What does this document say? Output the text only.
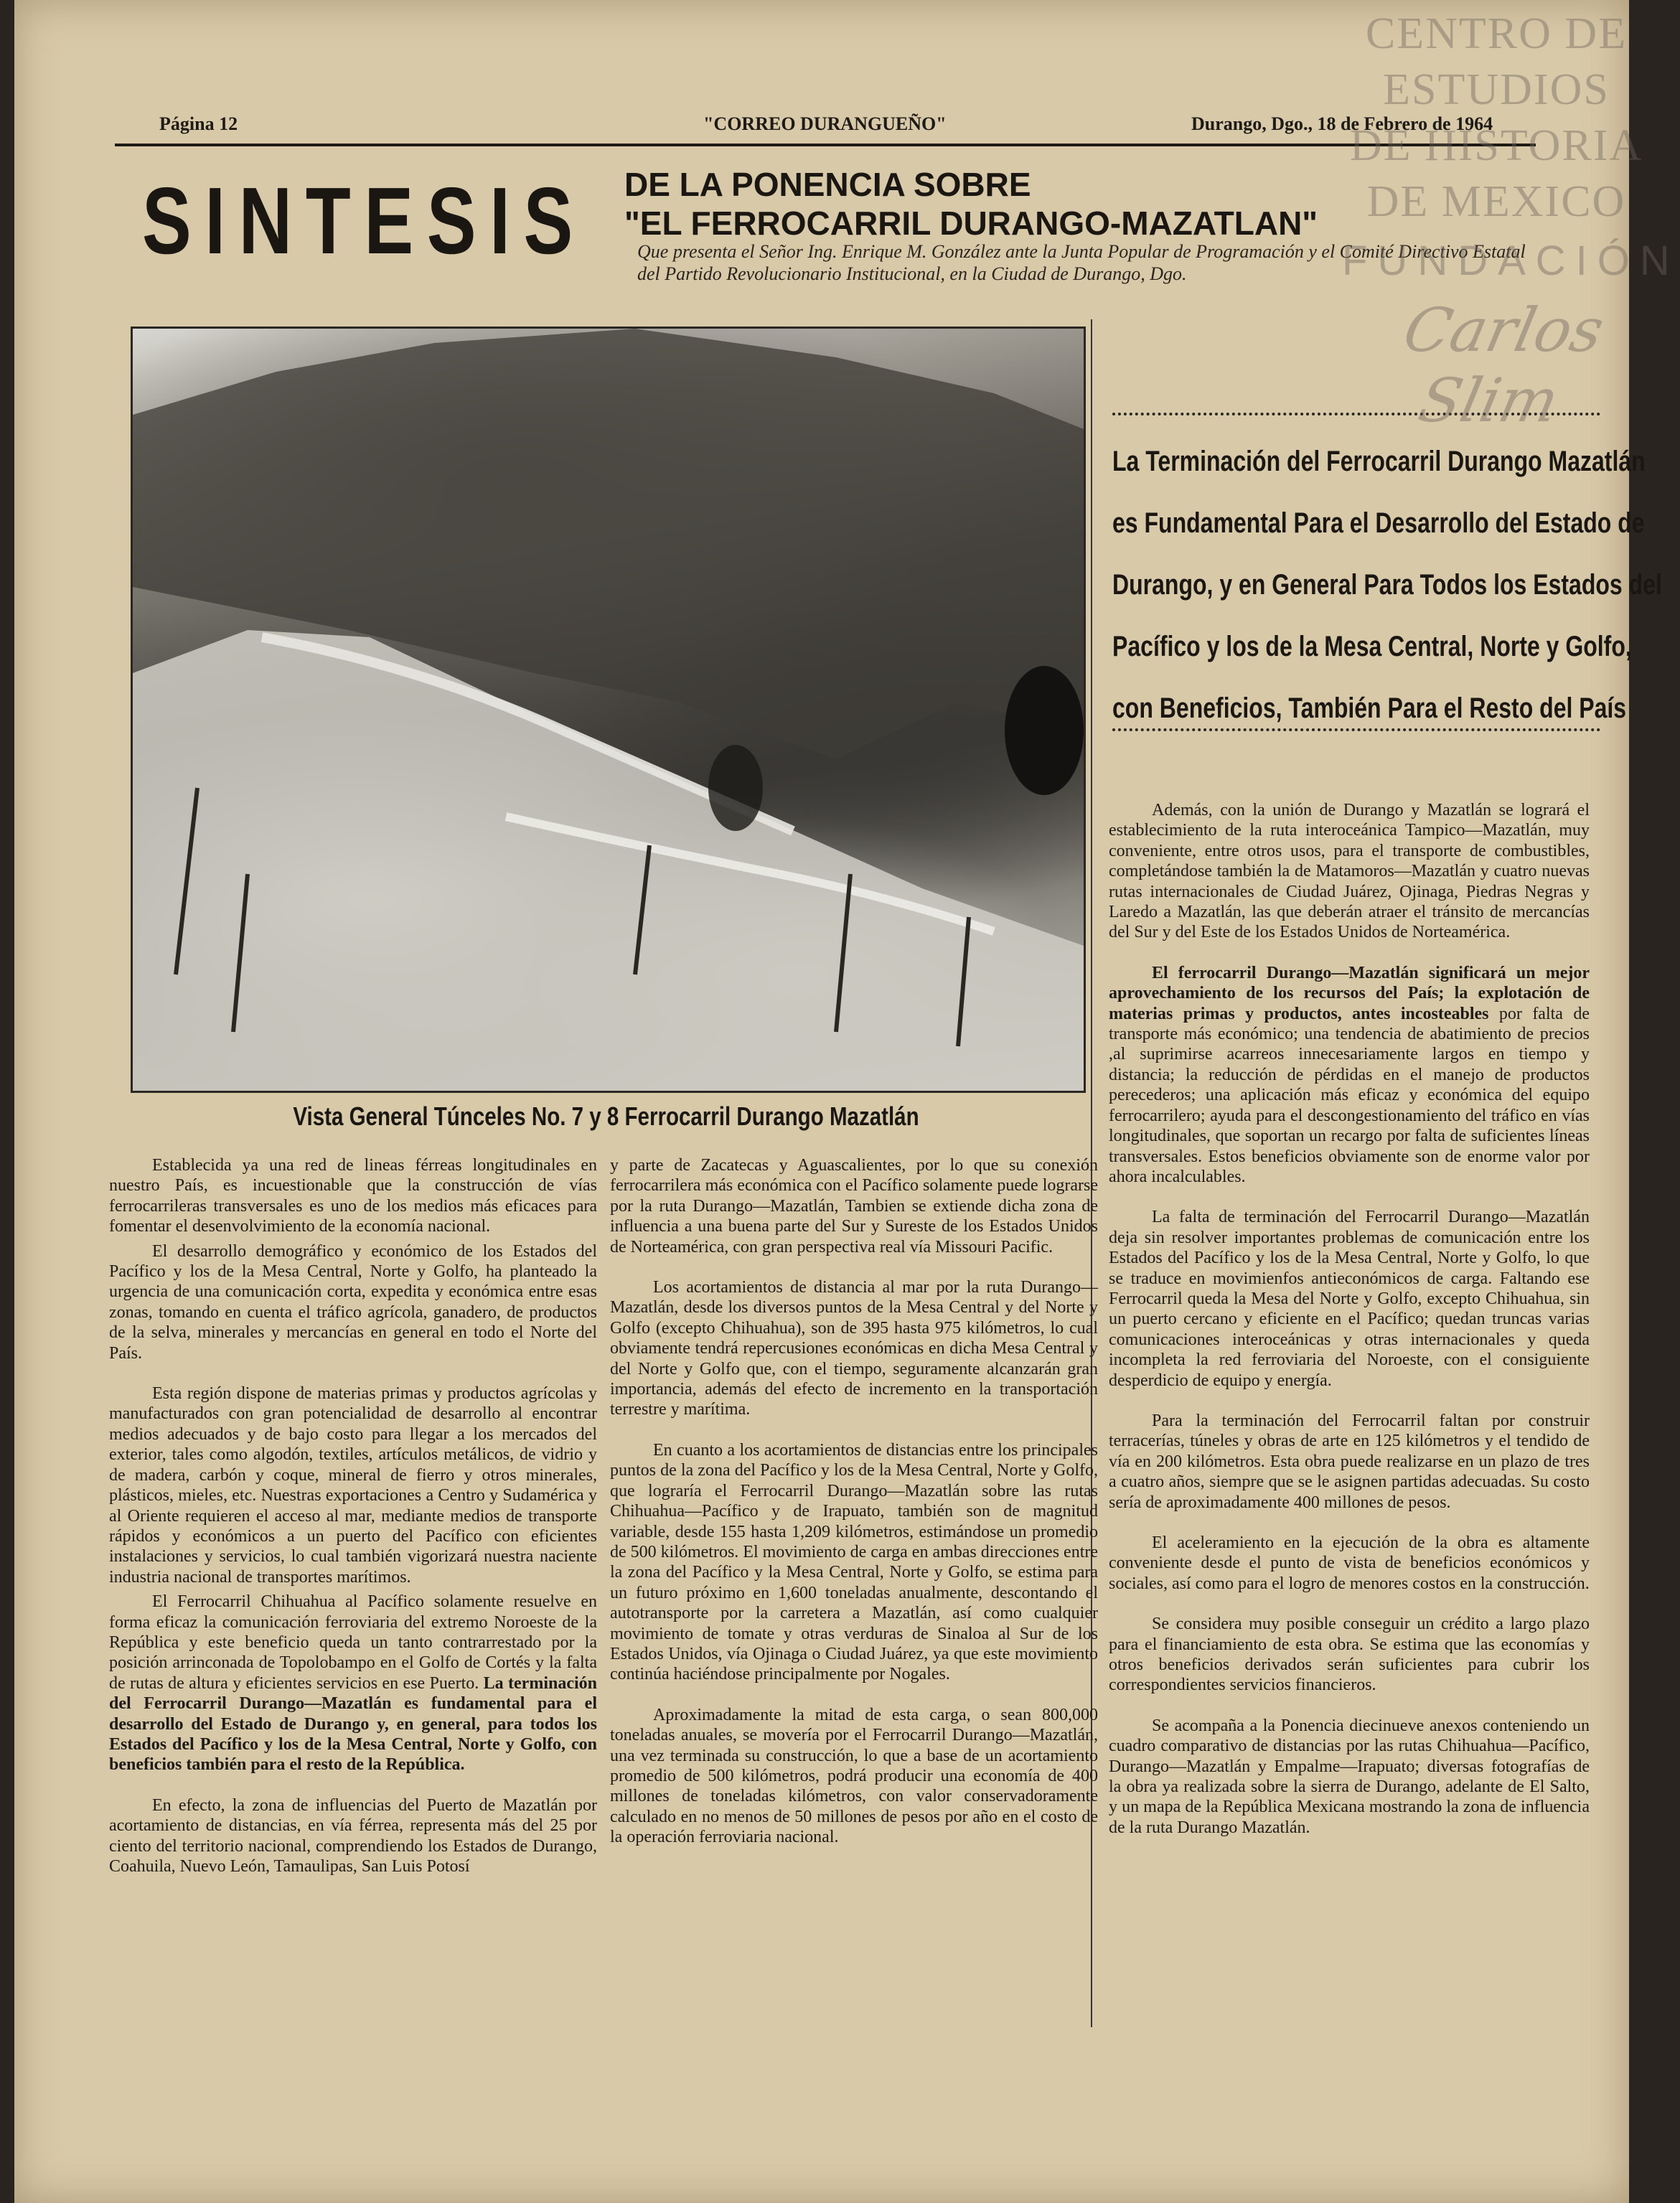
CENTRO DE
ESTUDIOS
DE HISTORIA
DE MEXICO
FUNDACIÓN
Carlos Slim
Página 12	"CORREO DURANGUEÑO"	Durango, Dgo., 18 de Febrero de 1964
SINTESIS DE LA PONENCIA SOBRE
"EL FERROCARRIL DURANGO-MAZATLAN"
Que presenta el Señor Ing. Enrique M. González ante la Junta Popular de Programación y el Comité Directivo Estatal del Partido Revolucionario Institucional, en la Ciudad de Durango, Dgo.
Vista General Túnceles No. 7 y 8 Ferrocarril Durango Mazatlán
La Terminación del Ferrocarril Durango Mazatlán
es Fundamental Para el Desarrollo del Estado de
Durango, y en General Para Todos los Estados del
Pacífico y los de la Mesa Central, Norte y Golfo,
con Beneficios, También Para el Resto del País

Establecida ya una red de lineas férreas longitudinales en nuestro País, es incuestionable que la construcción de vías ferrocarrileras transversales es uno de los medios más eficaces para fomentar el desenvolvimiento de la economía nacional.

El desarrollo demográfico y económico de los Estados del Pacífico y los de la Mesa Central, Norte y Golfo, ha planteado la urgencia de una comunicación corta, expedita y económica entre esas zonas, tomando en cuenta el tráfico agrícola, ganadero, de productos de la selva, minerales y mercancías en general en todo el Norte del País.

Esta región dispone de materias primas y productos agrícolas y manufacturados con gran potencialidad de desarrollo al encontrar medios adecuados y de bajo costo para llegar a los mercados del exterior, tales como algodón, textiles, artículos metálicos, de vidrio y de madera, carbón y coque, mineral de fierro y otros minerales, plásticos, mieles, etc. Nuestras exportaciones a Centro y Sudamérica y al Oriente requieren el acceso al mar, mediante medios de transporte rápidos y económicos a un puerto del Pacífico con eficientes instalaciones y servicios, lo cual también vigorizará nuestra naciente industria nacional de transportes marítimos.

El Ferrocarril Chihuahua al Pacífico solamente resuelve en forma eficaz la comunicación ferroviaria del extremo Noroeste de la República y este beneficio queda un tanto contrarrestado por la posición arrinconada de Topolobampo en el Golfo de Cortés y la falta de rutas de altura y eficientes servicios en ese Puerto. La terminación del Ferrocarril Durango—Mazatlán es fundamental para el desarrollo del Estado de Durango y, en general, para todos los Estados del Pacífico y los de la Mesa Central, Norte y Golfo, con beneficios también para el resto de la República.

En efecto, la zona de influencias del Puerto de Mazatlán por acortamiento de distancias, en vía férrea, representa más del 25 por ciento del territorio nacional, comprendiendo los Estados de Durango, Coahuila, Nuevo León, Tamaulipas, San Luis Potosí

y parte de Zacatecas y Aguascalientes, por lo que su conexión ferrocarrilera más económica con el Pacífico solamente puede lograrse por la ruta Durango—Mazatlán, Tambien se extiende dicha zona de influencia a una buena parte del Sur y Sureste de los Estados Unidos de Norteamérica, con gran perspectiva real vía Missouri Pacific.

Los acortamientos de distancia al mar por la ruta Durango—Mazatlán, desde los diversos puntos de la Mesa Central y del Norte y Golfo (excepto Chihuahua), son de 395 hasta 975 kilómetros, lo cual obviamente tendrá repercusiones económicas en dicha Mesa Central y del Norte y Golfo que, con el tiempo, seguramente alcanzarán gran importancia, además del efecto de incremento en la transportación terrestre y marítima.

En cuanto a los acortamientos de distancias entre los principales puntos de la zona del Pacífico y los de la Mesa Central, Norte y Golfo, que lograría el Ferrocarril Durango—Mazatlán sobre las rutas Chihuahua—Pacífico y de Irapuato, también son de magnitud variable, desde 155 hasta 1,209 kilómetros, estimándose un promedio de 500 kilómetros. El movimiento de carga en ambas direcciones entre la zona del Pacífico y la Mesa Central, Norte y Golfo, se estima para un futuro próximo en 1,600 toneladas anualmente, descontando el autotransporte por la carretera a Mazatlán, así como cualquier movimiento de tomate y otras verduras de Sinaloa al Sur de los Estados Unidos, vía Ojinaga o Ciudad Juárez, ya que este movimiento continúa haciéndose principalmente por Nogales.

Aproximadamente la mitad de esta carga, o sean 800,000 toneladas anuales, se movería por el Ferrocarril Durango—Mazatlán, una vez terminada su construcción, lo que a base de un acortamiento promedio de 500 kilómetros, podrá producir una economía de 400 millones de toneladas kilómetros, con valor conservadoramente calculado en no menos de 50 millones de pesos por año en el costo de la operación ferroviaria nacional.

Además, con la unión de Durango y Mazatlán se logrará el establecimiento de la ruta interoceánica Tampico—Mazatlán, muy conveniente, entre otros usos, para el transporte de combustibles, completándose también la de Matamoros—Mazatlán y cuatro nuevas rutas internacionales de Ciudad Juárez, Ojinaga, Piedras Negras y Laredo a Mazatlán, las que deberán atraer el tránsito de mercancías del Sur y del Este de los Estados Unidos de Norteamérica.

El ferrocarril Durango—Mazatlán significará un mejor aprovechamiento de los recursos del País; la explotación de materias primas y productos, antes incosteables por falta de transporte más económico; una tendencia de abatimiento de precios ,al suprimirse acarreos innecesariamente largos en tiempo y distancia; la reducción de pérdidas en el manejo de productos perecederos; una aplicación más eficaz y económica del equipo ferrocarrilero; ayuda para el descongestionamiento del tráfico en vías longitudinales, que soportan un recargo por falta de suficientes líneas transversales. Estos beneficios obviamente son de enorme valor por ahora incalculables.

La falta de terminación del Ferrocarril Durango—Mazatlán deja sin resolver importantes problemas de comunicación entre los Estados del Pacífico y los de la Mesa Central, Norte y Golfo, lo que se traduce en movimienfos antieconómicos de carga. Faltando ese Ferrocarril queda la Mesa del Norte y Golfo, excepto Chihuahua, sin un puerto cercano y eficiente en el Pacífico; quedan truncas varias comunicaciones interoceánicas y otras internacionales y queda incompleta la red ferroviaria del Noroeste, con el consiguiente desperdicio de equipo y energía.

Para la terminación del Ferrocarril faltan por construir terracerías, túneles y obras de arte en 125 kilómetros y el tendido de vía en 200 kilómetros. Esta obra puede realizarse en un plazo de tres a cuatro años, siempre que se le asignen partidas adecuadas. Su costo sería de aproximadamente 400 millones de pesos.

El aceleramiento en la ejecución de la obra es altamente conveniente desde el punto de vista de beneficios económicos y sociales, así como para el logro de menores costos en la construcción.

Se considera muy posible conseguir un crédito a largo plazo para el financiamiento de esta obra. Se estima que las economías y otros beneficios derivados serán suficientes para cubrir los correspondientes servicios financieros.

Se acompaña a la Ponencia diecinueve anexos conteniendo un cuadro comparativo de distancias por las rutas Chihuahua—Pacífico, Durango—Mazatlán y Empalme—Irapuato; diversas fotografías de la obra ya realizada sobre la sierra de Durango, adelante de El Salto, y un mapa de la República Mexicana mostrando la zona de influencia de la ruta Durango Mazatlán.
